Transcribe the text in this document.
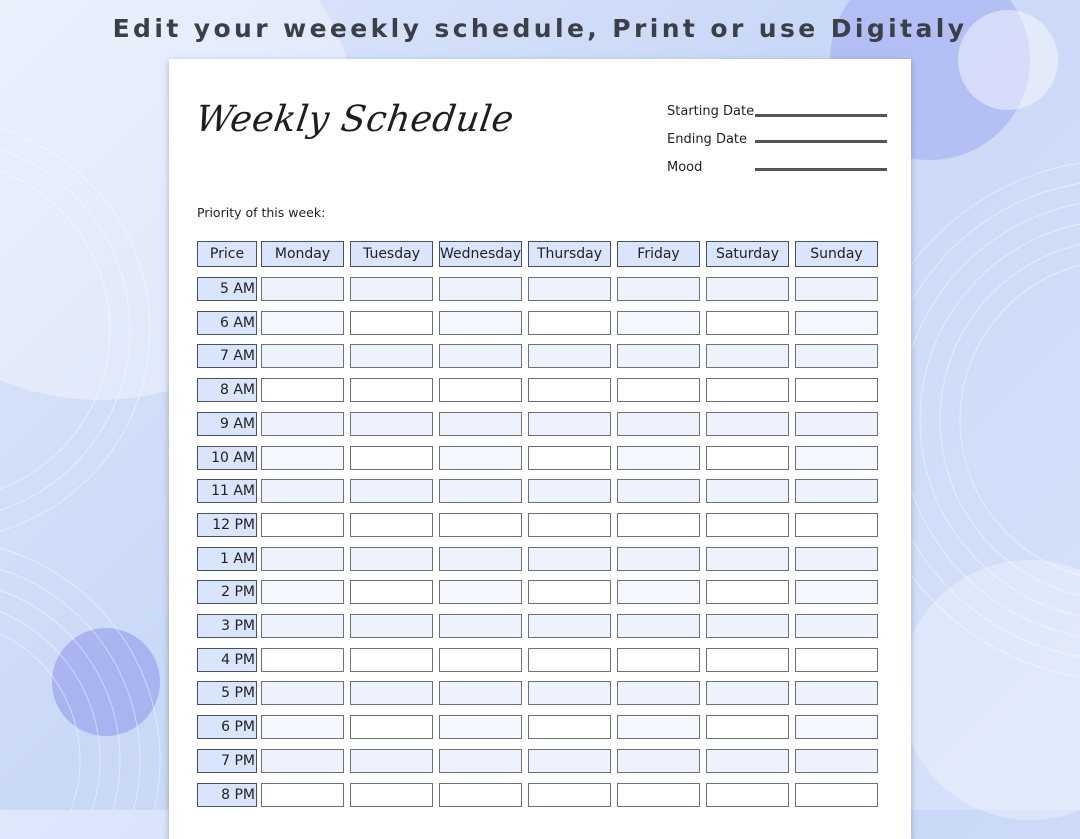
Edit your weeekly schedule, Print or use Digitaly
Weekly Schedule	Starting Date
Ending Date
Mood
Priority of this week:
Price	Monday	Tuesday	Wednesday	Thursday	Friday	Saturday	Sunday
5 AM
6 AM
7 AM
8 AM
9 AM
10 AM
11 AM
12 PM
1 AM
2 PM
3 PM
4 PM
5 PM
6 PM
7 PM
8 PM
